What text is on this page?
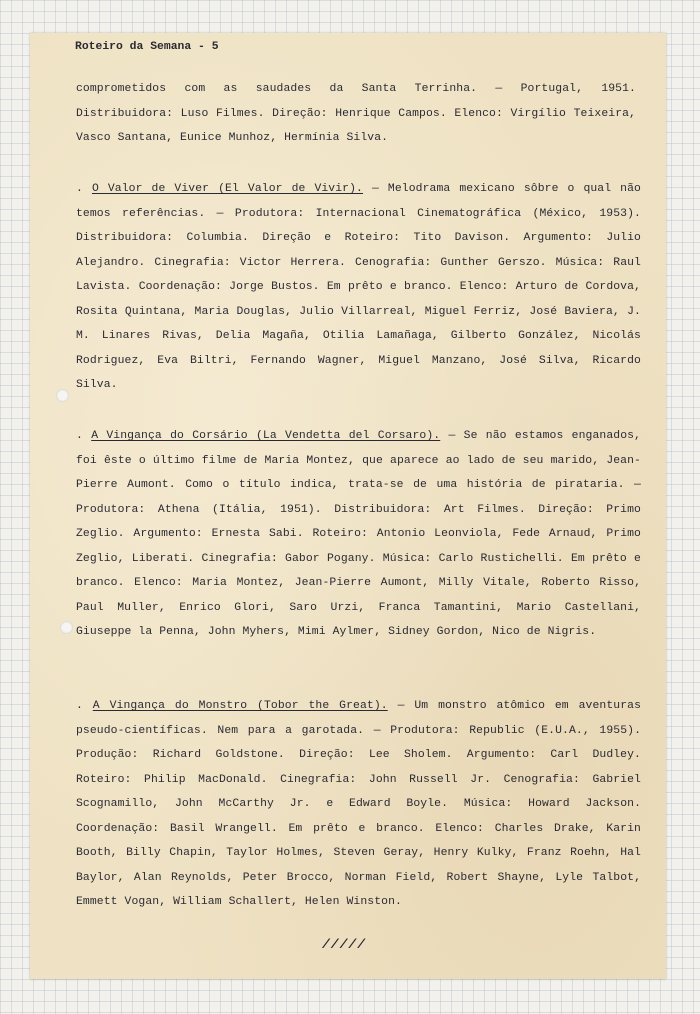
Roteiro da Semana - 5

comprometidos com as saudades da Santa Terrinha. — Portugal, 1951. Distribuidora: Luso Filmes. Direção: Henrique Campos. Elenco: Virgílio Teixeira, Vasco Santana, Eunice Munhoz, Hermínia Silva.

. O Valor de Viver (El Valor de Vivir). — Melodrama mexicano sôbre o qual não temos referências. — Produtora: Internacional Cinematográfica (México, 1953). Distribuidora: Columbia. Direção e Roteiro: Tito Davison. Argumento: Julio Alejandro. Cinegrafia: Victor Herrera. Cenografia: Gunther Gerszo. Música: Raul Lavista. Coordenação: Jorge Bustos. Em prêto e branco. Elenco: Arturo de Cordova, Rosita Quintana, Maria Douglas, Julio Villarreal, Miguel Ferriz, José Baviera, J. M. Linares Rivas, Delia Magaña, Otilia Lamañaga, Gilberto González, Nicolás Rodriguez, Eva Biltri, Fernando Wagner, Miguel Manzano, José Silva, Ricardo Silva.

. A Vingança do Corsário (La Vendetta del Corsaro). — Se não estamos enganados, foi êste o último filme de Maria Montez, que aparece ao lado de seu marido, Jean-Pierre Aumont. Como o título indica, trata-se de uma história de pirataria. — Produtora: Athena (Itália, 1951). Distribuidora: Art Filmes. Direção: Primo Zeglio. Argumento: Ernesta Sabi. Roteiro: Antonio Leonviola, Fede Arnaud, Primo Zeglio, Liberati. Cinegrafia: Gabor Pogany. Música: Carlo Rustichelli. Em prêto e branco. Elenco: Maria Montez, Jean-Pierre Aumont, Milly Vitale, Roberto Risso, Paul Muller, Enrico Glori, Saro Urzi, Franca Tamantini, Mario Castellani, Giuseppe la Penna, John Myhers, Mimi Aylmer, Sidney Gordon, Nico de Nigris.

. A Vingança do Monstro (Tobor the Great). — Um monstro atômico em aventuras pseudo-científicas. Nem para a garotada. — Produtora: Republic (E.U.A., 1955). Produção: Richard Goldstone. Direção: Lee Sholem. Argumento: Carl Dudley. Roteiro: Philip MacDonald. Cinegrafia: John Russell Jr. Cenografia: Gabriel Scognamillo, John McCarthy Jr. e Edward Boyle. Música: Howard Jackson. Coordenação: Basil Wrangell. Em prêto e branco. Elenco: Charles Drake, Karin Booth, Billy Chapin, Taylor Holmes, Steven Geray, Henry Kulky, Franz Roehn, Hal Baylor, Alan Reynolds, Peter Brocco, Norman Field, Robert Shayne, Lyle Talbot, Emmett Vogan, William Schallert, Helen Winston.

/////
